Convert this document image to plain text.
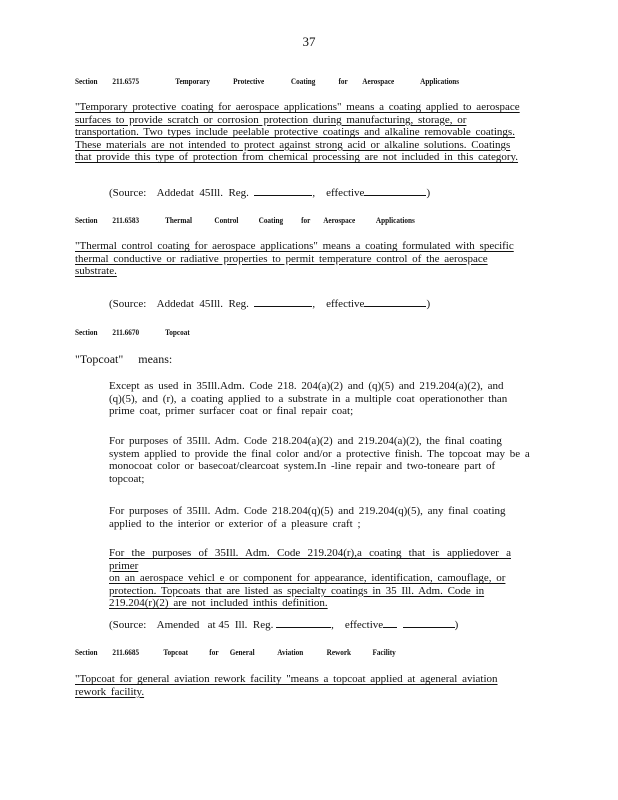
37
Section 211.6575	Temporary	Protective	Coating	for Aerospace	Applications
"Temporary protective coating for aerospace applications" means a coating applied to aerospace
surfaces to provide scratch or corrosion protection during manufacturing, storage, or
transportation. Two types include peelable protective coatings and alkaline removable coatings.
These materials are not intended to protect against strong acid or alkaline solutions. Coatings
that provide this type of protection from chemical processing are not included in this category.
(Source:    Addedat  45Ill.  Reg.	,    effective	)
Section 211.6583	Thermal	Control Coating for Aerospace Applications
"Thermal control coating for aerospace applications" means a coating formulated with specific
thermal conductive or radiative properties to permit temperature control of the aerospace
substrate.
(Source:    Addedat  45Ill.  Reg.	,    effective	)
Section 211.6670	Topcoat
"Topcoat"   means:
Except as used in 35Ill.Adm. Code 218. 204(a)(2) and (q)(5) and 219.204(a)(2), and
(q)(5), and (r), a coating applied to a substrate in a multiple coat operationother than
prime coat, primer surfacer coat or final repair coat;
For purposes of 35Ill. Adm. Code 218.204(a)(2) and 219.204(a)(2), the final coating
system applied to provide the final color and/or a protective finish. The topcoat may be a
monocoat color or basecoat/clearcoat system.In -line repair and two-toneare part of
topcoat;
For purposes of 35Ill. Adm. Code 218.204(q)(5) and 219.204(q)(5), any final coating
applied to the interior or exterior of a pleasure craft ;
For the purposes of 35Ill. Adm. Code 219.204(r),a coating that is appliedover a primer
on an aerospace vehicl e or component for appearance, identification, camouflage, or
protection. Topcoats that are listed as specialty coatings in 35 Ill. Adm. Code in
219.204(r)(2) are not included inthis definition.
(Source:    Amended   at 45  Ill.  Reg.	,    effective	)
Section 211.6685	Topcoat	for General	Aviation	Rework	Facility
"Topcoat for general aviation rework facility "means a topcoat applied at ageneral aviation
rework facility.
